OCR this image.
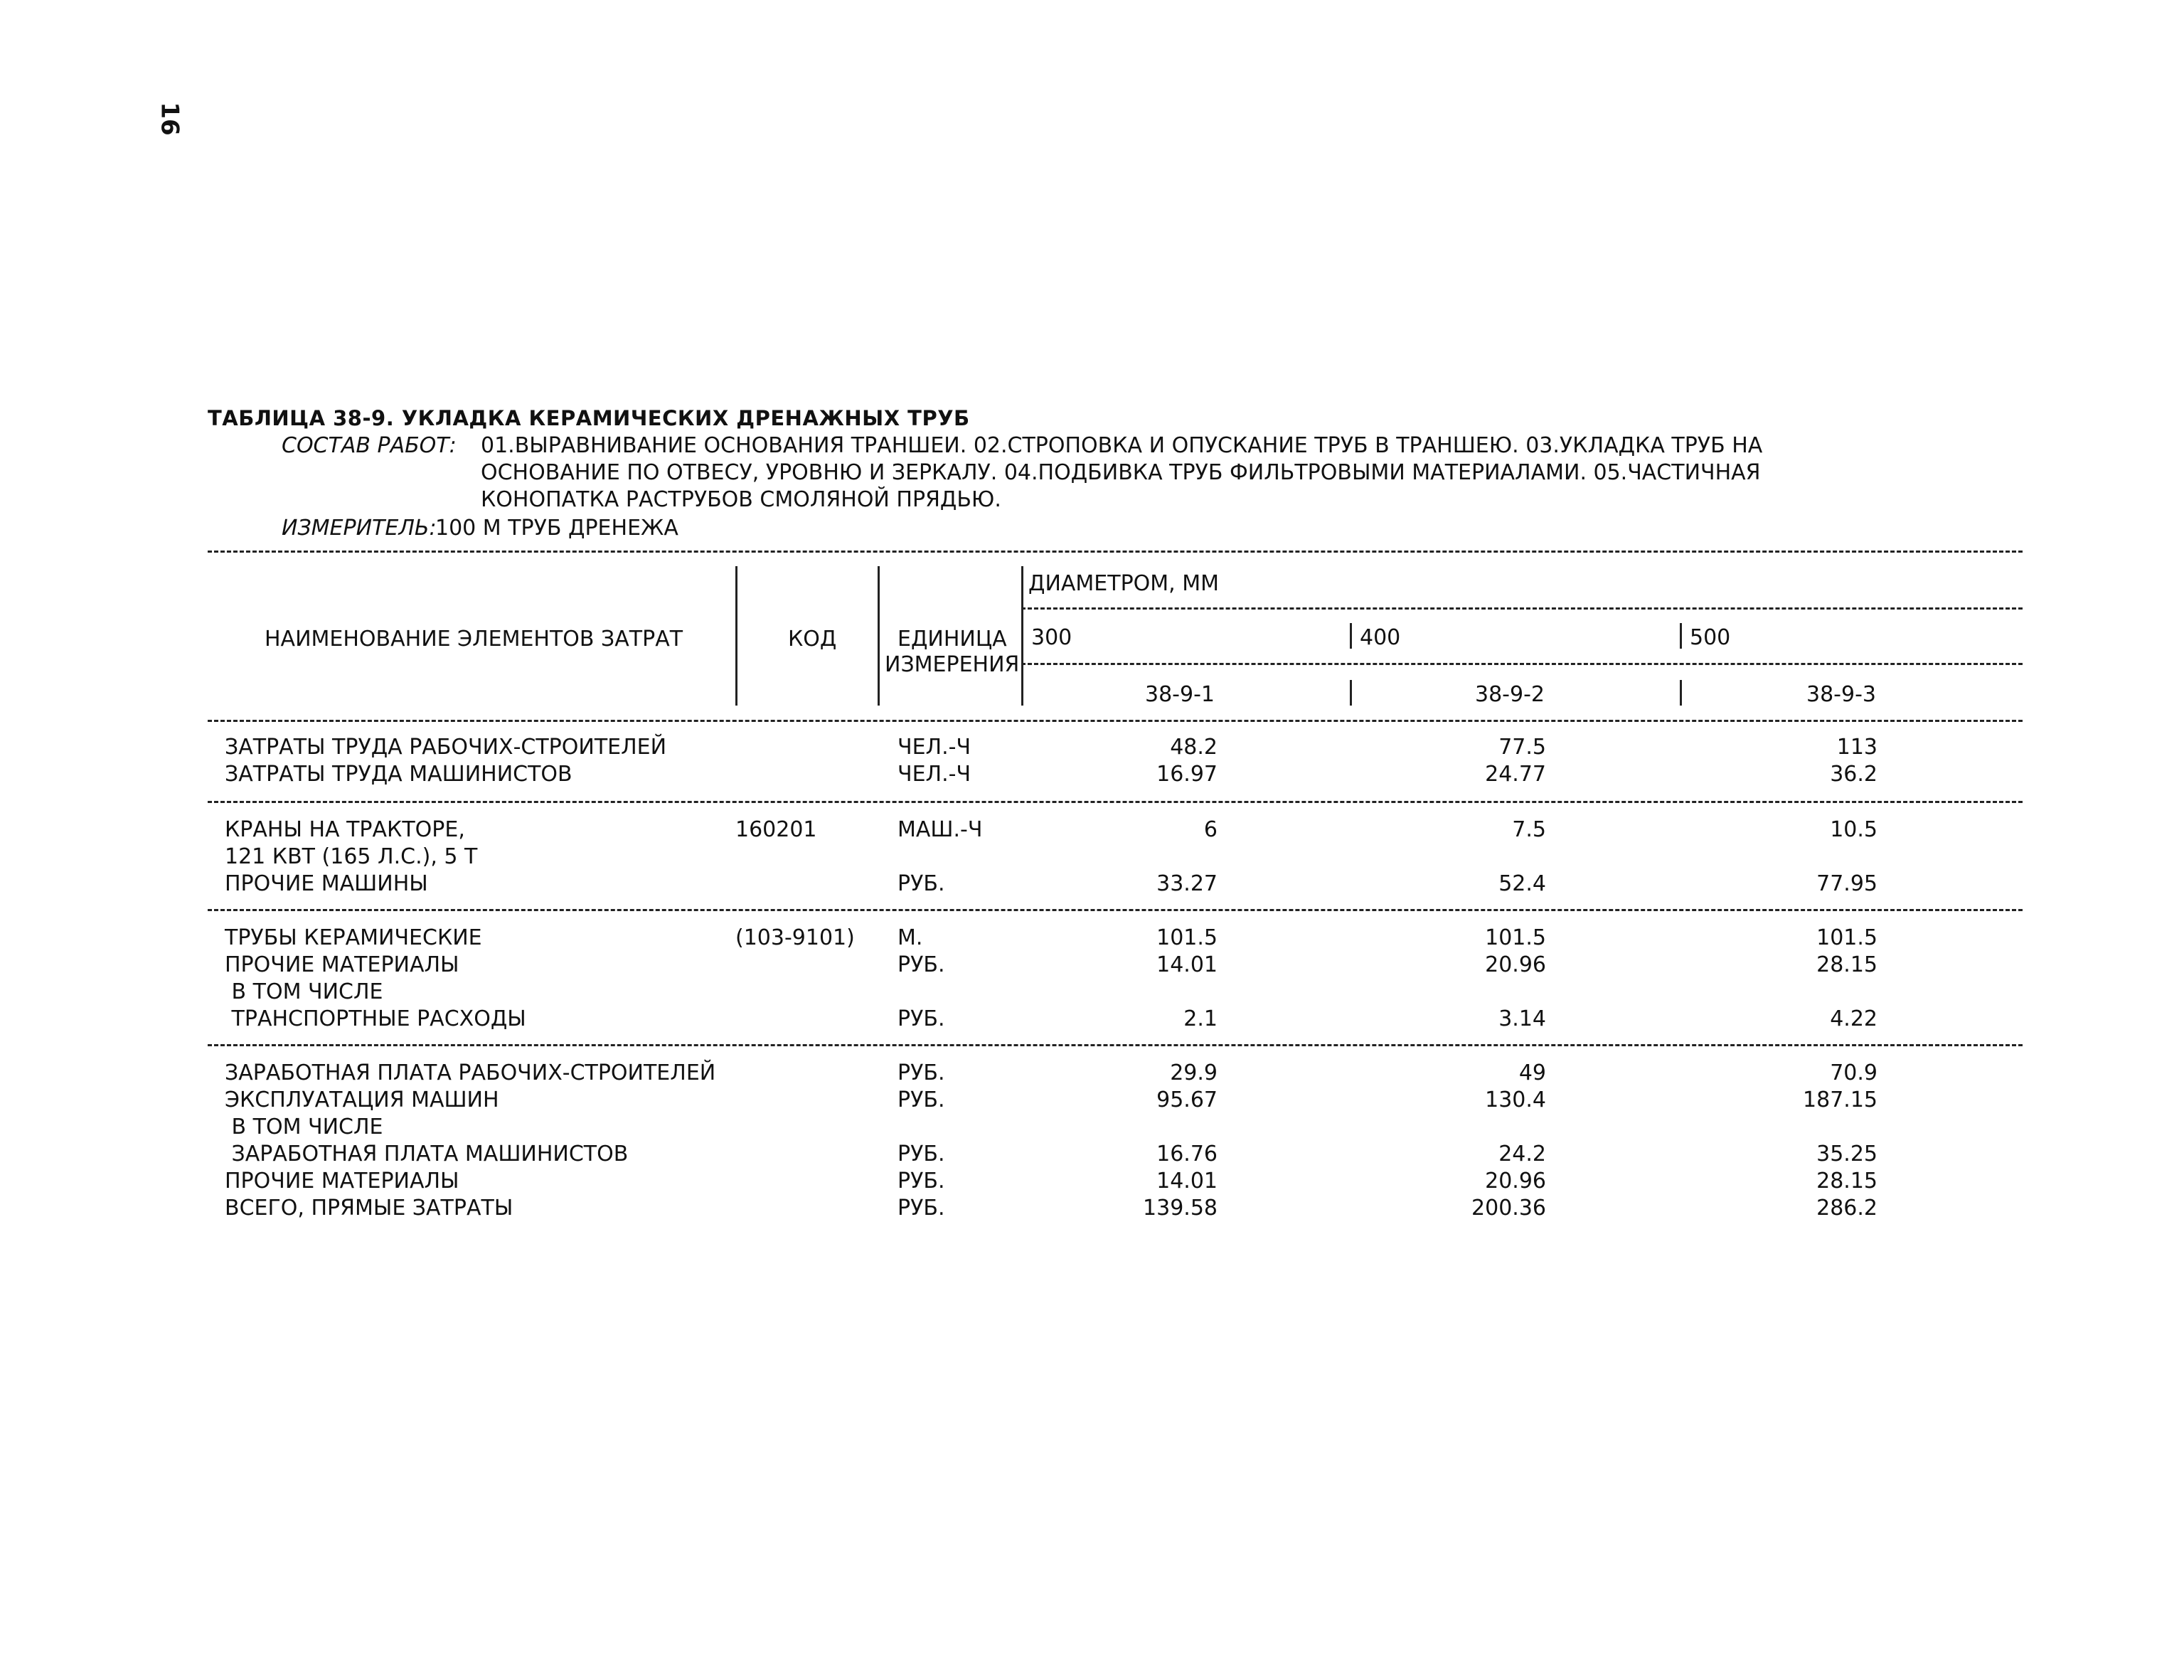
16
ТАБЛИЦА 38-9. УКЛАДКА КЕРАМИЧЕСКИХ ДРЕНАЖНЫХ ТРУБ
СОСТАВ РАБОТ: 01.ВЫРАВНИВАНИЕ ОСНОВАНИЯ ТРАНШЕИ. 02.СТРОПОВКА И ОПУСКАНИЕ ТРУБ В ТРАНШЕЮ. 03.УКЛАДКА ТРУБ НА
ОСНОВАНИЕ ПО ОТВЕСУ, УРОВНЮ И ЗЕРКАЛУ. 04.ПОДБИВКА ТРУБ ФИЛЬТРОВЫМИ МАТЕРИАЛАМИ. 05.ЧАСТИЧНАЯ
КОНОПАТКА РАСТРУБОВ СМОЛЯНОЙ ПРЯДЬЮ.
ИЗМЕРИТЕЛЬ:
100 М ТРУБ ДРЕНЕЖА
НАИМЕНОВАНИЕ ЭЛЕМЕНТОВ ЗАТРАТ	КОД	ЕДИНИЦА
ИЗМЕРЕНИЯ
ДИАМЕТРОМ, ММ
300	400	500
38-9-1	38-9-2	38-9-3
ЗАТРАТЫ ТРУДА РАБОЧИХ-СТРОИТЕЛЕЙ	ЧЕЛ.-Ч	48.2	77.5	113
ЗАТРАТЫ ТРУДА МАШИНИСТОВ	ЧЕЛ.-Ч	16.97	24.77	36.2
КРАНЫ НА ТРАКТОРЕ,	160201	МАШ.-Ч	6	7.5	10.5
121 КВТ (165 Л.С.), 5 Т
ПРОЧИЕ МАШИНЫ	РУБ.	33.27	52.4	77.95
ТРУБЫ КЕРАМИЧЕСКИЕ	(103-9101) М.	101.5	101.5	101.5
ПРОЧИЕ МАТЕРИАЛЫ	РУБ.	14.01	20.96	28.15
В ТОМ ЧИСЛЕ
ТРАНСПОРТНЫЕ РАСХОДЫ	РУБ.	2.1	3.14	4.22
ЗАРАБОТНАЯ ПЛАТА РАБОЧИХ-СТРОИТЕЛЕЙ	РУБ.	29.9	49	70.9
ЭКСПЛУАТАЦИЯ МАШИН	РУБ.	95.67	130.4	187.15
В ТОМ ЧИСЛЕ
ЗАРАБОТНАЯ ПЛАТА МАШИНИСТОВ	РУБ.	16.76	24.2	35.25
ПРОЧИЕ МАТЕРИАЛЫ	РУБ.	14.01	20.96	28.15
ВСЕГО, ПРЯМЫЕ ЗАТРАТЫ	РУБ.	139.58	200.36	286.2
